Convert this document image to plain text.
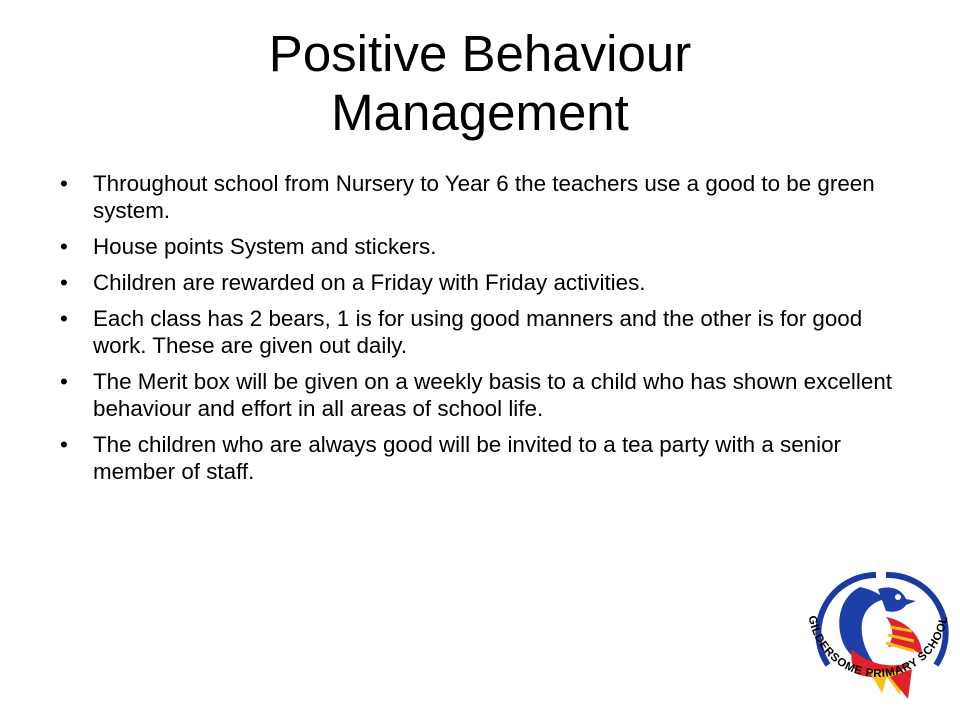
Positive Behaviour
Management
• Throughout school from Nursery to Year 6 the teachers use a good to be green system.
• House points System and stickers.
• Children are rewarded on a Friday with Friday activities.
• Each class has 2 bears, 1 is for using good manners and the other is for good work. These are given out daily.
• The Merit box will be given on a weekly basis to a child who has shown excellent behaviour and effort in all areas of school life.
• The children who are always good will be invited to a tea party with a senior member of staff.
GILDERSOME PRIMARY SCHOOL
